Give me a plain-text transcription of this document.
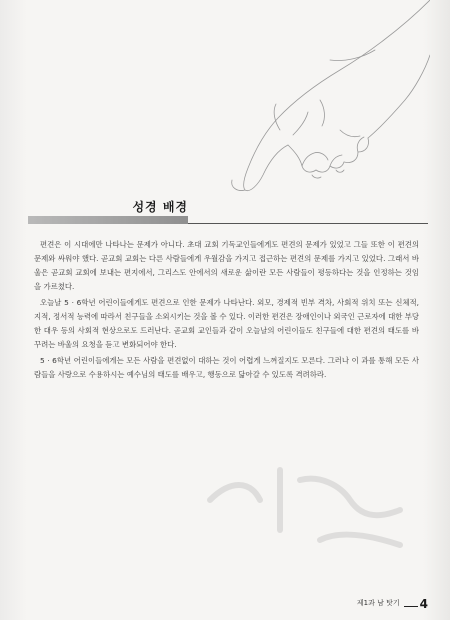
성경 배경

편견은 이 시대에만 나타나는 문제가 아니다. 초대 교회 기독교인들에게도 편견의 문제가 있었고 그들 또한 이 편견의 문제와 싸워야 했다. 곧교회 교회는 다른 사람들에게 우월감을 가지고 접근하는 편견의 문제를 가지고 있었다. 그래서 바울은 곧교회 교회에 보내는 편지에서, 그리스도 안에서의 새로운 삶이란 모든 사람들이 평등하다는 것을 인정하는 것임을 가르쳤다.

오늘날 5 · 6학년 어린이들에게도 편견으로 인한 문제가 나타난다. 외모, 경제적 빈부 격차, 사회적 위치 또는 신체적, 지적, 정서적 능력에 따라서 친구들을 소외시키는 것을 볼 수 있다. 이러한 편견은 장애인이나 외국인 근로자에 대한 부당한 대우 등의 사회적 현상으로도 드러난다. 곧교회 교인들과 같이 오늘날의 어린이들도 친구들에 대한 편견의 태도를 바꾸려는 바울의 요청을 듣고 변화되어야 한다.

5 · 6학년 어린이들에게는 모든 사람을 편견없이 대하는 것이 어렵게 느껴질지도 모른다. 그러나 이 과를 통해 모든 사람들을 사랑으로 수용하시는 예수님의 태도를 배우고, 행동으로 닮아갈 수 있도록 격려하라.

제1과 남 탓기 4
